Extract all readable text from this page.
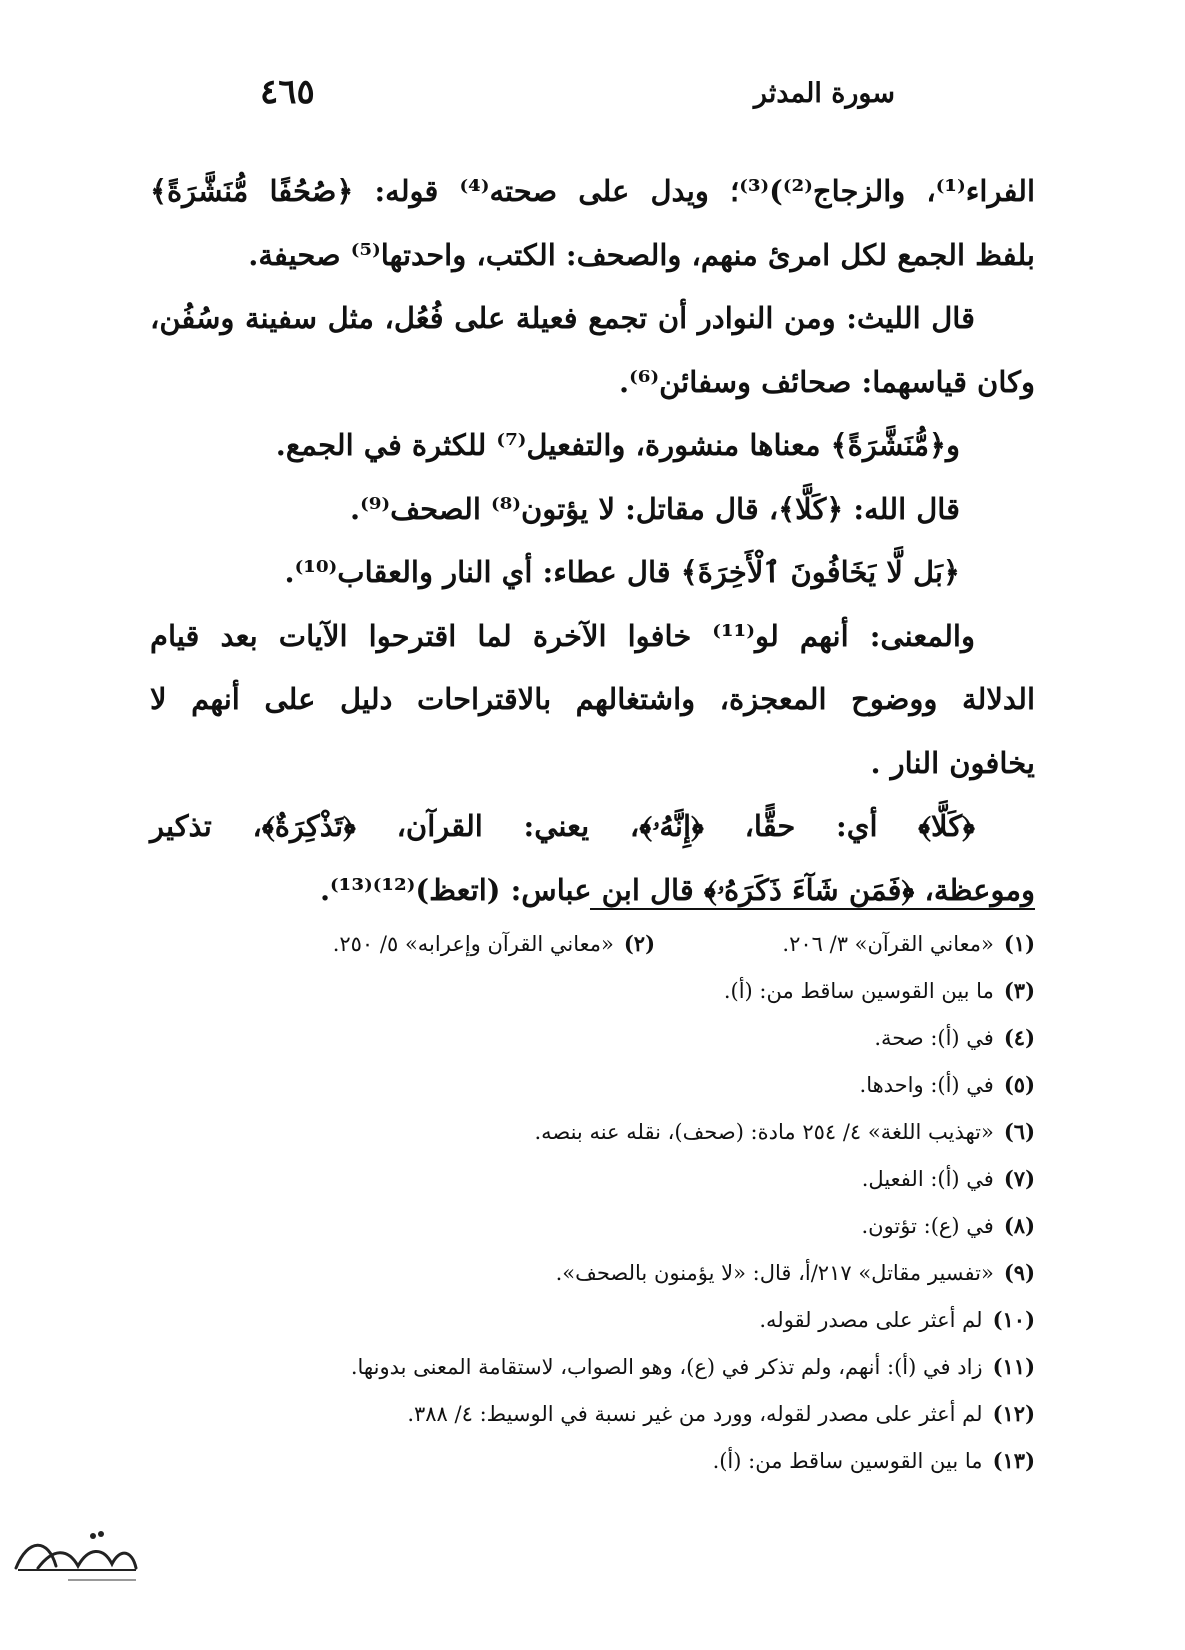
سورة المدثر
٤٦٥
الفراء⁽¹⁾، والزجاج⁽²⁾)⁽³⁾؛ ويدل على صحته⁽⁴⁾ قوله: ﴿صُحُفًا مُّنَشَّرَةً﴾
بلفظ الجمع لكل امرئ منهم، والصحف: الكتب، واحدتها⁽⁵⁾ صحيفة.
قال الليث: ومن النوادر أن تجمع فعيلة على فُعُل، مثل سفينة وسُفُن،
وكان قياسهما: صحائف وسفائن⁽⁶⁾.
و﴿مُّنَشَّرَةً﴾ معناها منشورة، والتفعيل⁽⁷⁾ للكثرة في الجمع.
قال الله: ﴿كَلَّا﴾، قال مقاتل: لا يؤتون⁽⁸⁾ الصحف⁽⁹⁾.
﴿بَل لَّا يَخَافُونَ ٱلْأَخِرَةَ﴾ قال عطاء: أي النار والعقاب⁽¹⁰⁾.
والمعنى: أنهم لو⁽¹¹⁾ خافوا الآخرة لما اقترحوا الآيات بعد قيام
الدلالة ووضوح المعجزة، واشتغالهم بالاقتراحات دليل على أنهم لا
يخافون النار .
﴿كَلَّا﴾ أي: حقًّا، ﴿إِنَّهُۥ﴾، يعني: القرآن، ﴿تَذْكِرَةٌ﴾، تذكير
وموعظة، ﴿فَمَن شَآءَ ذَكَرَهُۥ﴾ قال ابن عباس: (اتعظ)⁽¹²⁾⁽¹³⁾.
(١)«معاني القرآن» ٣/ ٢٠٦.
(٢)«معاني القرآن وإعرابه» ٥/ ٢٥٠.
(٣)ما بين القوسين ساقط من: (أ).
(٤)في (أ): صحة.
(٥)في (أ): واحدها.
(٦)«تهذيب اللغة» ٤/ ٢٥٤ مادة: (صحف)، نقله عنه بنصه.
(٧)في (أ): الفعيل.
(٨)في (ع): تؤتون.
(٩)«تفسير مقاتل» ٢١٧/أ، قال: «لا يؤمنون بالصحف».
(١٠)لم أعثر على مصدر لقوله.
(١١)زاد في (أ): أنهم، ولم تذكر في (ع)، وهو الصواب، لاستقامة المعنى بدونها.
(١٢)لم أعثر على مصدر لقوله، وورد من غير نسبة في الوسيط: ٤/ ٣٨٨.
(١٣)ما بين القوسين ساقط من: (أ).
